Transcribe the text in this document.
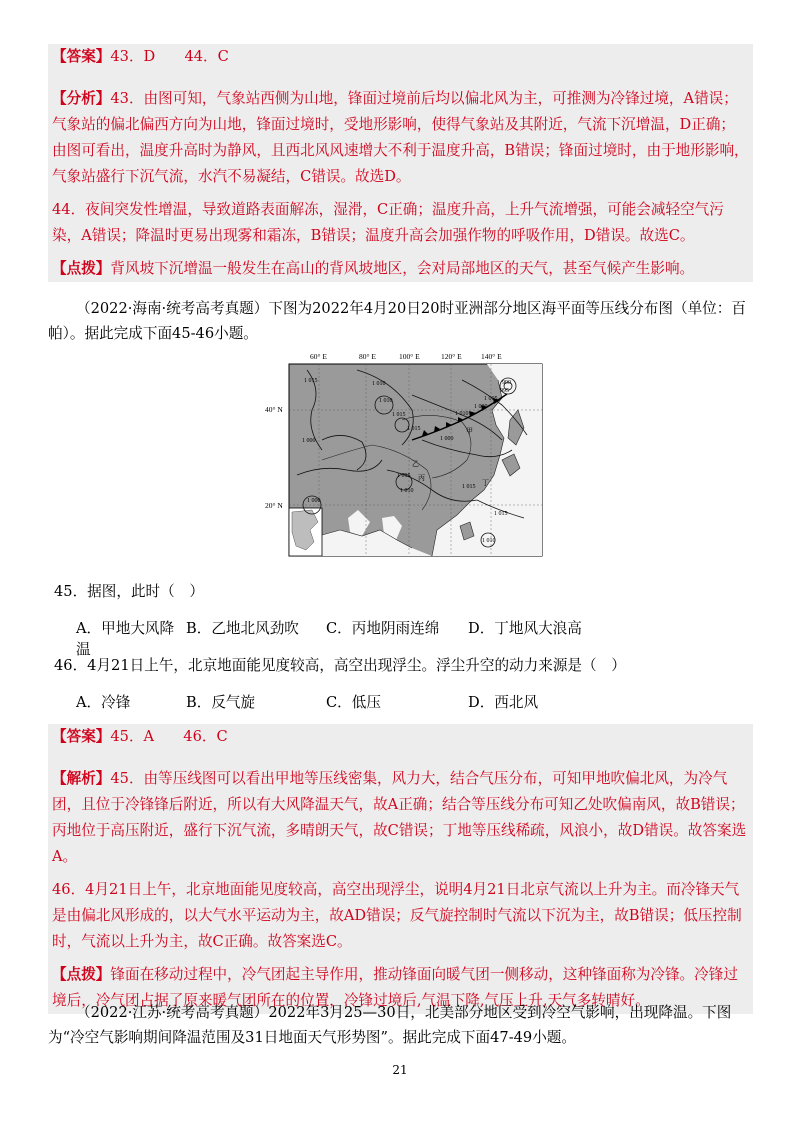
【答案】43．D　　44．C

【分析】43．由图可知，气象站西侧为山地，锋面过境前后均以偏北风为主，可推测为冷锋过境，A错误；气象站的偏北偏西方向为山地，锋面过境时，受地形影响，使得气象站及其附近，气流下沉增温，D正确；由图可看出，温度升高时为静风，且西北风风速增大不利于温度升高，B错误；锋面过境时，由于地形影响，气象站盛行下沉气流，水汽不易凝结，C错误。故选D。

44．夜间突发性增温，导致道路表面解冻，湿滑，C正确；温度升高，上升气流增强，可能会减轻空气污染，A错误；降温时更易出现雾和霜冻，B错误；温度升高会加强作物的呼吸作用，D错误。故选C。

【点拨】背风坡下沉增温一般发生在高山的背风坡地区，会对局部地区的天气，甚至气候产生影响。

（2022·海南·统考高考真题）下图为2022年4月20日20时亚洲部分地区海平面等压线分布图（单位：百帕）。据此完成下面45-46小题。

60° E	80° E	100° E	120° E	140° E
40° N
20° N
1 015
1 010
1 010
1 015
1 000
1 000
1 015
1 010
1 000
1 015
1 015
1 010
1 000
1 005
995
990
1 015
1 010
甲
乙
丙
丁
45．据图，此时（　）
A．甲地大风降温
B．乙地北风劲吹	C．丙地阴雨连绵	D．丁地风大浪高
46．4月21日上午，北京地面能见度较高，高空出现浮尘。浮尘升空的动力来源是（　）
A．冷锋	B．反气旋	C．低压	D．西北风

【答案】45．A　　46．C

【解析】45．由等压线图可以看出甲地等压线密集，风力大，结合气压分布，可知甲地吹偏北风，为冷气团，且位于冷锋锋后附近，所以有大风降温天气，故A正确；结合等压线分布可知乙处吹偏南风，故B错误；丙地位于高压附近，盛行下沉气流，多晴朗天气，故C错误；丁地等压线稀疏，风浪小，故D错误。故答案选A。

46．4月21日上午，北京地面能见度较高，高空出现浮尘，说明4月21日北京气流以上升为主。而冷锋天气是由偏北风形成的，以大气水平运动为主，故AD错误；反气旋控制时气流以下沉为主，故B错误；低压控制时，气流以上升为主，故C正确。故答案选C。

【点拨】锋面在移动过程中，冷气团起主导作用，推动锋面向暖气团一侧移动，这种锋面称为冷锋。冷锋过境后，冷气团占据了原来暖气团所在的位置，冷锋过境后,气温下降,气压上升,天气多转晴好。

（2022·江苏·统考高考真题）2022年3月25—30日，北美部分地区受到冷空气影响，出现降温。下图为“冷空气影响期间降温范围及31日地面天气形势图”。据此完成下面47-49小题。

21
